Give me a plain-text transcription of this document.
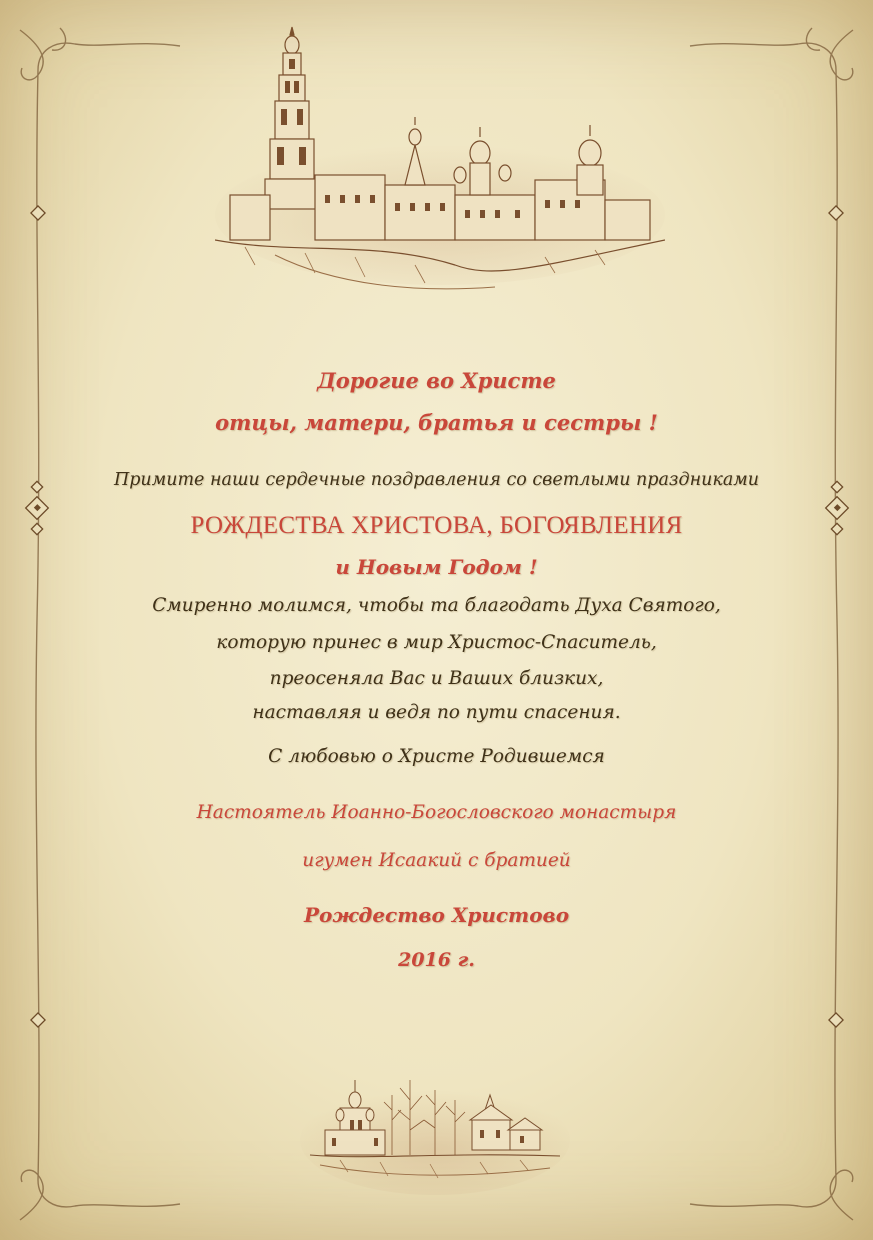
Дорогие во Христе
отцы, матери, братья и сестры !
Примите наши сердечные поздравления со светлыми праздниками
РОЖДЕСТВА ХРИСТОВА, БОГОЯВЛЕНИЯ
и Новым Годом !
Смиренно молимся, чтобы та благодать Духа Святого,
которую принес в мир Христос-Спаситель,
преосеняла Вас и Ваших близких,
наставляя и ведя по пути спасения.
С любовью о Христе Родившемся
Настоятель Иоанно-Богословского монастыря
игумен Исаакий с братией
Рождество Христово
2016 г.
